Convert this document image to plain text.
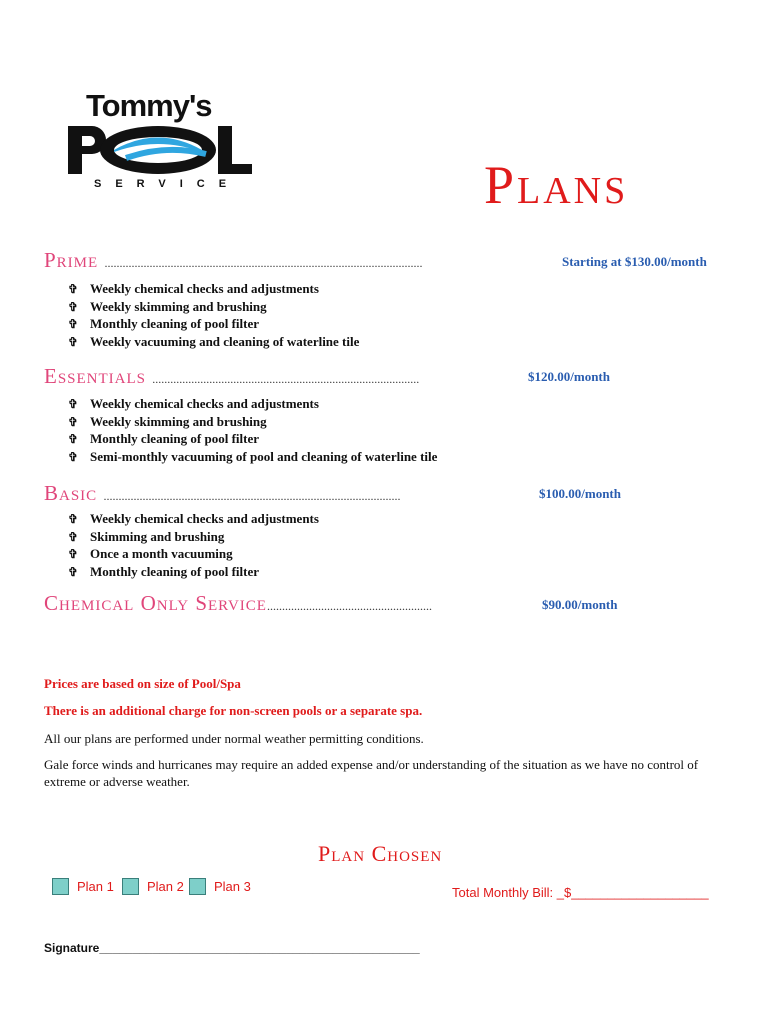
Tommy's
SERVICE	Plans
Prime ..........................................................................................................	Starting at $130.00/month
✞ Weekly chemical checks and adjustments
✞ Weekly skimming and brushing
✞ Monthly cleaning of pool filter
✞ Weekly vacuuming and cleaning of waterline tile
Essentials .........................................................................................	$120.00/month
✞ Weekly chemical checks and adjustments
✞ Weekly skimming and brushing
✞ Monthly cleaning of pool filter
✞ Semi-monthly vacuuming of pool and cleaning of waterline tile
Basic ...................................................................................................	$100.00/month
✞ Weekly chemical checks and adjustments
✞ Skimming and brushing
✞ Once a month vacuuming
✞ Monthly cleaning of pool filter
Chemical Only Service.......................................................	$90.00/month
Prices are based on size of Pool/Spa
There is an additional charge for non-screen pools or a separate spa.
All our plans are performed under normal weather permitting conditions.
Gale force winds and hurricanes may require an added expense and/or understanding of the situation as we have no control of extreme or adverse weather.
Plan Chosen
Plan 1	Plan 2 Plan 3	Total Monthly Bill: _$___________________
Signature________________________________________________
